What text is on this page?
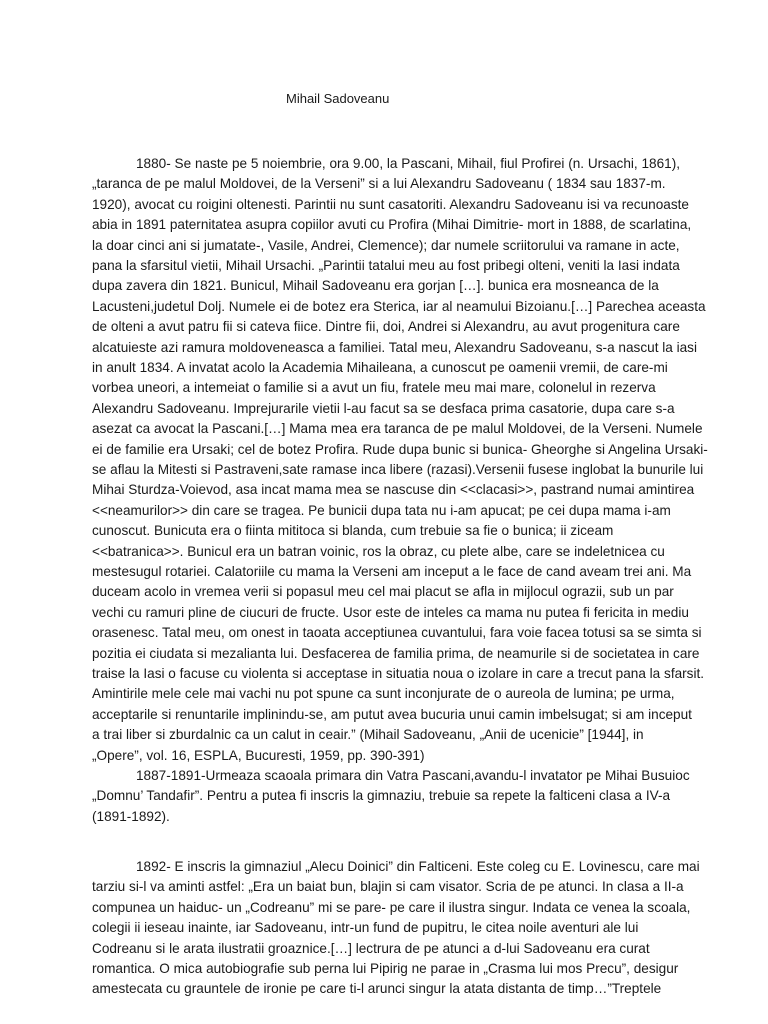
Mihail Sadoveanu
1880- Se naste pe 5 noiembrie, ora 9.00, la Pascani, Mihail, fiul Profirei (n. Ursachi, 1861),
„taranca de pe malul Moldovei, de la Verseni” si a lui Alexandru Sadoveanu ( 1834 sau 1837-m.
1920), avocat cu roigini oltenesti. Parintii nu sunt casatoriti. Alexandru Sadoveanu isi va recunoaste
abia in 1891 paternitatea asupra copiilor avuti cu Profira (Mihai Dimitrie- mort in 1888, de scarlatina,
la doar cinci ani si jumatate-, Vasile, Andrei, Clemence); dar numele scriitorului va ramane in acte,
pana la sfarsitul vietii, Mihail Ursachi. „Parintii tatalui meu au fost pribegi olteni, veniti la Iasi indata
dupa zavera din 1821. Bunicul, Mihail Sadoveanu era gorjan […]. bunica era mosneanca de la
Lacusteni,judetul Dolj. Numele ei de botez era Sterica, iar al neamului Bizoianu.[…] Parechea aceasta
de olteni a avut patru fii si cateva fiice. Dintre fii, doi, Andrei si Alexandru, au avut progenitura care
alcatuieste azi ramura moldoveneasca a familiei. Tatal meu, Alexandru Sadoveanu, s-a nascut la iasi
in anult 1834. A invatat acolo la Academia Mihaileana, a cunoscut pe oamenii vremii, de care-mi
vorbea uneori, a intemeiat o familie si a avut un fiu, fratele meu mai mare, colonelul in rezerva
Alexandru Sadoveanu. Imprejurarile vietii l-au facut sa se desfaca prima casatorie, dupa care s-a
asezat ca avocat la Pascani.[…] Mama mea era taranca de pe malul Moldovei, de la Verseni. Numele
ei de familie era Ursaki; cel de botez Profira. Rude dupa bunic si bunica- Gheorghe si Angelina Ursaki-
se aflau la Mitesti si Pastraveni,sate ramase inca libere (razasi).Versenii fusese inglobat la bunurile lui
Mihai Sturdza-Voievod, asa incat mama mea se nascuse din <<clacasi>>, pastrand numai amintirea
<<neamurilor>> din care se tragea. Pe bunicii dupa tata nu i-am apucat; pe cei dupa mama i-am
cunoscut. Bunicuta era o fiinta mititoca si blanda, cum trebuie sa fie o bunica; ii ziceam
<<batranica>>. Bunicul era un batran voinic, ros la obraz, cu plete albe, care se indeletnicea cu
mestesugul rotariei. Calatoriile cu mama la Verseni am inceput a le face de cand aveam trei ani. Ma
duceam acolo in vremea verii si popasul meu cel mai placut se afla in mijlocul ograzii, sub un par
vechi cu ramuri pline de ciucuri de fructe. Usor este de inteles ca mama nu putea fi fericita in mediu
orasenesc. Tatal meu, om onest in taoata acceptiunea cuvantului, fara voie facea totusi sa se simta si
pozitia ei ciudata si mezalianta lui. Desfacerea de familia prima, de neamurile si de societatea in care
traise la Iasi o facuse cu violenta si acceptase in situatia noua o izolare in care a trecut pana la sfarsit.
Amintirile mele cele mai vachi nu pot spune ca sunt inconjurate de o aureola de lumina; pe urma,
acceptarile si renuntarile implinindu-se, am putut avea bucuria unui camin imbelsugat; si am inceput
a trai liber si zburdalnic ca un calut in ceair.” (Mihail Sadoveanu, „Anii de ucenicie” [1944], in
„Opere”, vol. 16, ESPLA, Bucuresti, 1959, pp. 390-391)
1887-1891-Urmeaza scaoala primara din Vatra Pascani,avandu-l invatator pe Mihai Busuioc
„Domnu’ Tandafir”. Pentru a putea fi inscris la gimnaziu, trebuie sa repete la falticeni clasa a IV-a
(1891-1892).
1892- E inscris la gimnaziul „Alecu Doinici” din Falticeni. Este coleg cu E. Lovinescu, care mai
tarziu si-l va aminti astfel: „Era un baiat bun, blajin si cam visator. Scria de pe atunci. In clasa a II-a
compunea un haiduc- un „Codreanu” mi se pare- pe care il ilustra singur. Indata ce venea la scoala,
colegii ii ieseau inainte, iar Sadoveanu, intr-un fund de pupitru, le citea noile aventuri ale lui
Codreanu si le arata ilustratii groaznice.[…] lectrura de pe atunci a d-lui Sadoveanu era curat
romantica. O mica autobiografie sub perna lui Pipirig ne parae in „Crasma lui mos Precu”, desigur
amestecata cu grauntele de ironie pe care ti-l arunci singur la atata distanta de timp…”Treptele
